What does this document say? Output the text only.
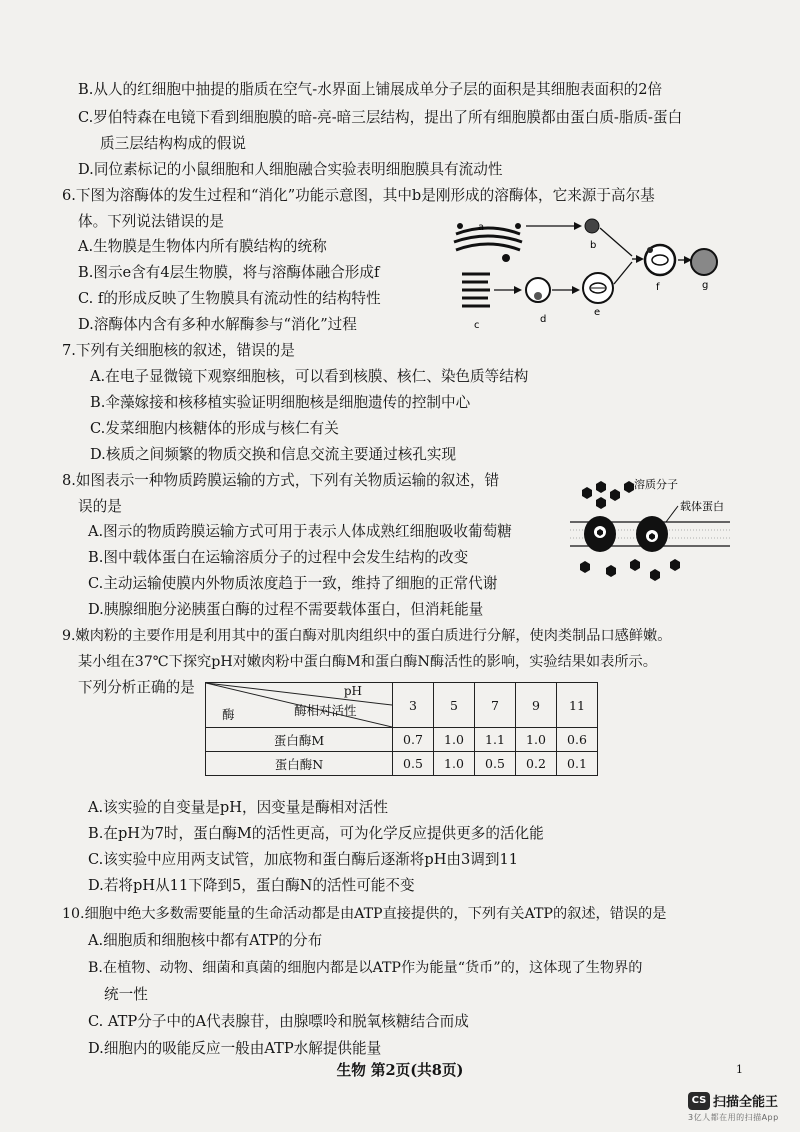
B.从人的红细胞中抽提的脂质在空气-水界面上铺展成单分子层的面积是其细胞表面积的2倍
C.罗伯特森在电镜下看到细胞膜的暗-亮-暗三层结构，提出了所有细胞膜都由蛋白质-脂质-蛋白
质三层结构构成的假说
D.同位素标记的小鼠细胞和人细胞融合实验表明细胞膜具有流动性
6.下图为溶酶体的发生过程和“消化”功能示意图，其中b是刚形成的溶酶体，它来源于高尔基
体。下列说法错误的是
A.生物膜是生物体内所有膜结构的统称
B.图示e含有4层生物膜，将与溶酶体融合形成f
C. f的形成反映了生物膜具有流动性的结构特性
D.溶酶体内含有多种水解酶参与“消化”过程
7.下列有关细胞核的叙述，错误的是
A.在电子显微镜下观察细胞核，可以看到核膜、核仁、染色质等结构
B.伞藻嫁接和核移植实验证明细胞核是细胞遗传的控制中心
C.发菜细胞内核糖体的形成与核仁有关
D.核质之间频繁的物质交换和信息交流主要通过核孔实现
8.如图表示一种物质跨膜运输的方式，下列有关物质运输的叙述，错
误的是
A.图示的物质跨膜运输方式可用于表示人体成熟红细胞吸收葡萄糖
B.图中载体蛋白在运输溶质分子的过程中会发生结构的改变
C.主动运输使膜内外物质浓度趋于一致，维持了细胞的正常代谢
D.胰腺细胞分泌胰蛋白酶的过程不需要载体蛋白，但消耗能量
9.嫩肉粉的主要作用是利用其中的蛋白酶对肌肉组织中的蛋白质进行分解，使肉类制品口感鲜嫩。
某小组在37℃下探究pH对嫩肉粉中蛋白酶M和蛋白酶N酶活性的影响，实验结果如表所示。
下列分析正确的是
A.该实验的自变量是pH，因变量是酶相对活性
B.在pH为7时，蛋白酶M的活性更高，可为化学反应提供更多的活化能
C.该实验中应用两支试管，加底物和蛋白酶后逐渐将pH由3调到11
D.若将pH从11下降到5，蛋白酶N的活性可能不变
10.细胞中绝大多数需要能量的生命活动都是由ATP直接提供的，下列有关ATP的叙述，错误的是
A.细胞质和细胞核中都有ATP的分布
B.在植物、动物、细菌和真菌的细胞内都是以ATP作为能量“货币”的，这体现了生物界的
统一性
C. ATP分子中的A代表腺苷，由腺嘌呤和脱氧核糖结合而成
D.细胞内的吸能反应一般由ATP水解提供能量
a
c
b
d
e
f	g
溶质分子
载体蛋白
pH
酶 酶相对活性	3	5	7	9	11
蛋白酶M	0.7	1.0	1.1	1.0	0.6
蛋白酶N	0.5	1.0	0.5	0.2	0.1
生物 第2页(共8页)	1
CS 扫描全能王
3亿人都在用的扫描App
